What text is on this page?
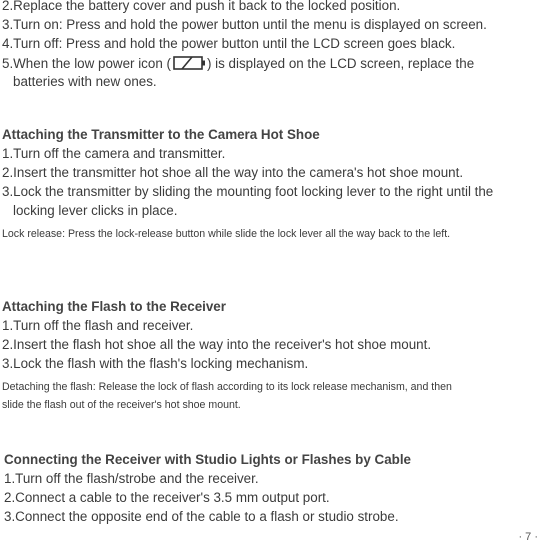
2.Replace the battery cover and push it back to the locked position.
3.Turn on: Press and hold the power button until the menu is displayed on screen.
4.Turn off: Press and hold the power button until the LCD screen goes black.
5.When the low power icon (	) is displayed on the LCD screen, replace the
batteries with new ones.
Attaching the Transmitter to the Camera Hot Shoe
1.Turn off the camera and transmitter.
2.Insert the transmitter hot shoe all the way into the camera's hot shoe mount.
3.Lock the transmitter by sliding the mounting foot locking lever to the right until the
locking lever clicks in place.
Lock release: Press the lock-release button while slide the lock lever all the way back to the left.
Attaching the Flash to the Receiver
1.Turn off the flash and receiver.
2.Insert the flash hot shoe all the way into the receiver's hot shoe mount.
3.Lock the flash with the flash's locking mechanism.
Detaching the flash: Release the lock of flash according to its lock release mechanism, and then
slide the flash out of the receiver's hot shoe mount.
Connecting the Receiver with Studio Lights or Flashes by Cable
1.Turn off the flash/strobe and the receiver.
2.Connect a cable to the receiver's 3.5 mm output port.
3.Connect the opposite end of the cable to a flash or studio strobe.
· 7 ·
